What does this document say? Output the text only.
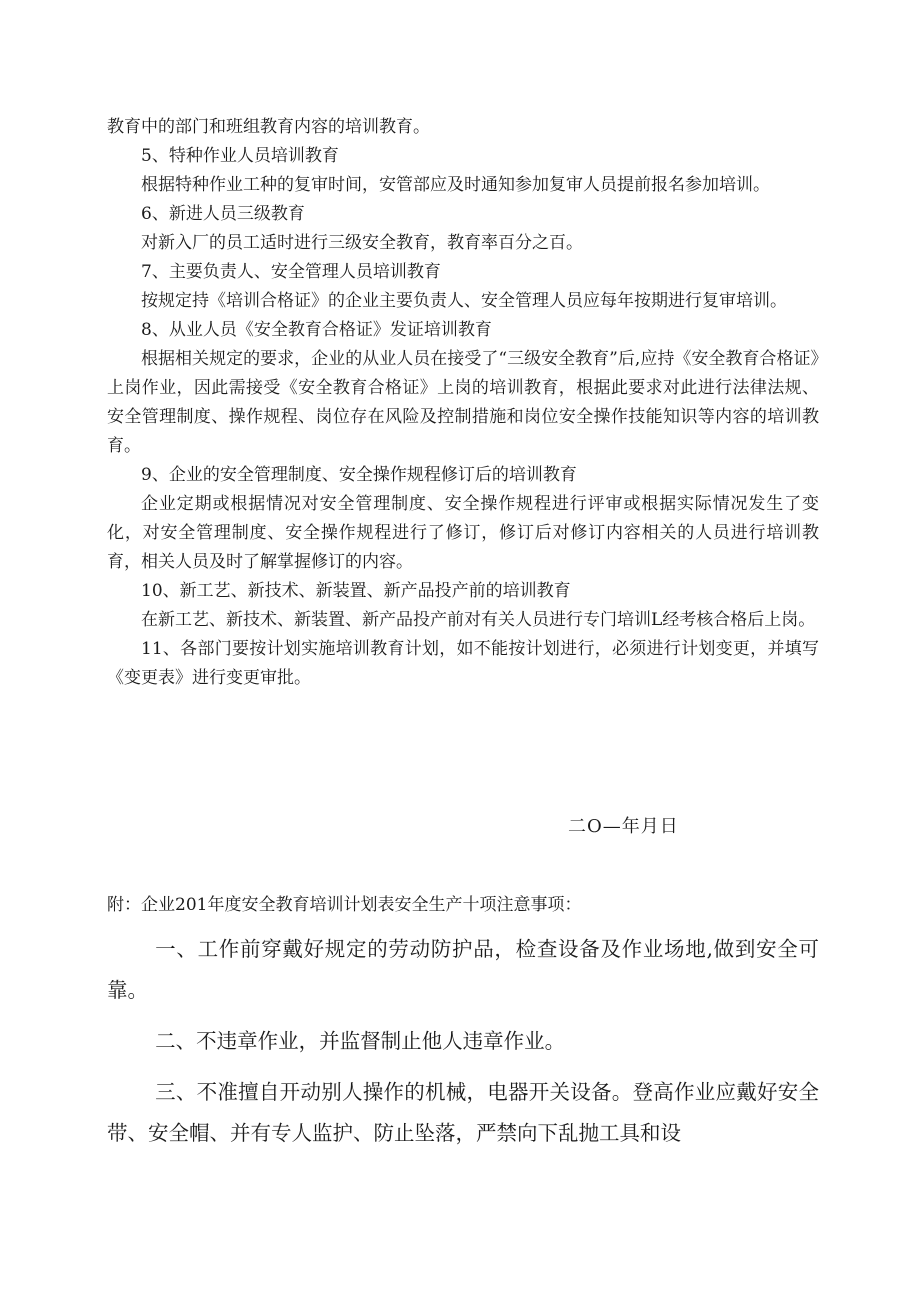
教育中的部门和班组教育内容的培训教育。

5、特种作业人员培训教育

根据特种作业工种的复审时间，安管部应及时通知参加复审人员提前报名参加培训。

6、新进人员三级教育

对新入厂的员工适时进行三级安全教育，教育率百分之百。

7、主要负责人、安全管理人员培训教育

按规定持《培训合格证》的企业主要负责人、安全管理人员应每年按期进行复审培训。

8、从业人员《安全教育合格证》发证培训教育

根据相关规定的要求，企业的从业人员在接受了“三级安全教育”后,应持《安全教育合格证》上岗作业，因此需接受《安全教育合格证》上岗的培训教育，根据此要求对此进行法律法规、安全管理制度、操作规程、岗位存在风险及控制措施和岗位安全操作技能知识等内容的培训教育。

9、企业的安全管理制度、安全操作规程修订后的培训教育

企业定期或根据情况对安全管理制度、安全操作规程进行评审或根据实际情况发生了变化，对安全管理制度、安全操作规程进行了修订，修订后对修订内容相关的人员进行培训教育，相关人员及时了解掌握修订的内容。

10、新工艺、新技术、新装置、新产品投产前的培训教育

在新工艺、新技术、新装置、新产品投产前对有关人员进行专门培训L经考核合格后上岗。

11、各部门要按计划实施培训教育计划，如不能按计划进行，必须进行计划变更，并填写《变更表》进行变更审批。

二O—年月日
附：企业201年度安全教育培训计划表安全生产十项注意事项：

一、工作前穿戴好规定的劳动防护品，检查设备及作业场地,做到安全可靠。

二、不违章作业，并监督制止他人违章作业。

三、不准擅自开动别人操作的机械，电器开关设备。登高作业应戴好安全带、安全帽、并有专人监护、防止坠落，严禁向下乱抛工具和设
